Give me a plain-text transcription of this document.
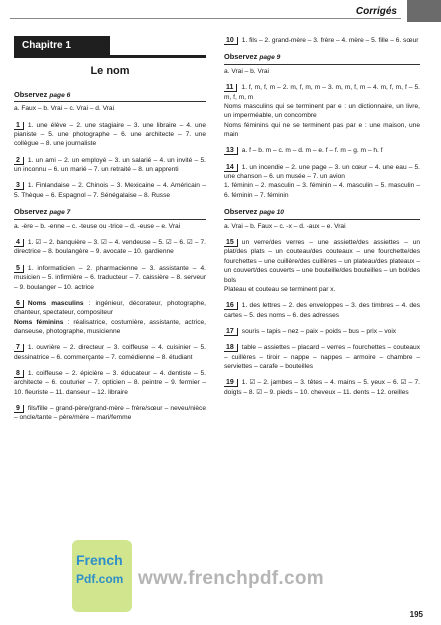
Corrigés
Chapitre 1
Le nom
Observez page 6
a. Faux – b. Vrai – c. Vrai – d. Vrai
1 1. une élève – 2. une stagiaire – 3. une libraire – 4. une pianiste – 5. une photographe – 6. une architecte – 7. une collègue – 8. une journaliste
2 1. un ami – 2. un employé – 3. un salarié – 4. un invité – 5. un inconnu – 6. un marié – 7. un retraité – 8. un apprenti
3 1. Finlandaise – 2. Chinois – 3. Mexicaine – 4. Américain – 5. Thèque – 6. Espagnol – 7. Sénégalaise – 8. Russe
Observez page 7
a. -ère – b. -enne – c. -teuse ou -trice – d. -euse – e. Vrai
4 1. ☑ – 2. banquière – 3. ☑ – 4. vendeuse – 5. ☑ – 6. ☑ – 7. directrice – 8. boulangère – 9. avocate – 10. gardienne
5 1. informaticien – 2. pharmacienne – 3. assistante – 4. musicien – 5. infirmière – 6. traducteur – 7. caissière – 8. serveur – 9. boulanger – 10. actrice
6 Noms masculins : ingénieur, décorateur, photographe, chanteur, spectateur, compositeur
Noms féminins : réalisatrice, costumière, assistante, actrice, danseuse, photographe, musicienne
7 1. ouvrière – 2. directeur – 3. coiffeuse – 4. cuisinier – 5. dessinatrice – 6. commerçante – 7. comédienne – 8. étudiant
8 1. coiffeuse – 2. épicière – 3. éducateur – 4. dentiste – 5. architecte – 6. couturier – 7. opticien – 8. peintre – 9. fermier – 10. fleuriste – 11. danseur – 12. libraire
9 fils/fille – grand-père/grand-mère – frère/sœur – neveu/nièce – oncle/tante – père/mère – mari/femme
10 1. fils – 2. grand-mère – 3. frère – 4. mère – 5. fille – 6. sœur
Observez page 9
a. Vrai – b. Vrai
11 1. f, m, f, m – 2. m, f, m, m – 3. m, m, f, m – 4. m, f, m, f – 5. m, f, m, m
Noms masculins qui se terminent par e : un dictionnaire, un livre, un imperméable, un concombre
Noms féminins qui ne se terminent pas par e : une maison, une main
13 a. f – b. m – c. m – d. m – e. f – f. m – g. m – h. f
14 1. un incendie – 2. une page – 3. un cœur – 4. une eau – 5. une chanson – 6. un musée – 7. un avion
1. féminin – 2. masculin – 3. féminin – 4. masculin – 5. masculin – 6. féminin – 7. féminin
Observez page 10
a. Vrai – b. Faux – c. -x – d. -aux – e. Vrai
15 un verre/des verres – une assiette/des assiettes – un plat/des plats – un couteau/des couteaux – une fourchette/des fourchettes – une cuillère/des cuillères – un plateau/des plateaux – un couvert/des couverts – une bouteille/des bouteilles – un bol/des bols
Plateau et couteau se terminent par x.
16 1. des lettres – 2. des enveloppes – 3. des timbres – 4. des cartes – 5. des noms – 6. des adresses
17 souris – tapis – nez – paix – poids – bus – prix – voix
18 table – assiettes – placard – verres – fourchettes – couteaux – cuillères – tiroir – nappe – nappes – armoire – chambre – serviettes – carafe – bouteilles
19 1. ☑ – 2. jambes – 3. têtes – 4. mains – 5. yeux – 6. ☑ – 7. doigts – 8. ☑ – 9. pieds – 10. cheveux – 11. dents – 12. oreilles
French
Pdf.com www.frenchpdf.com
195
